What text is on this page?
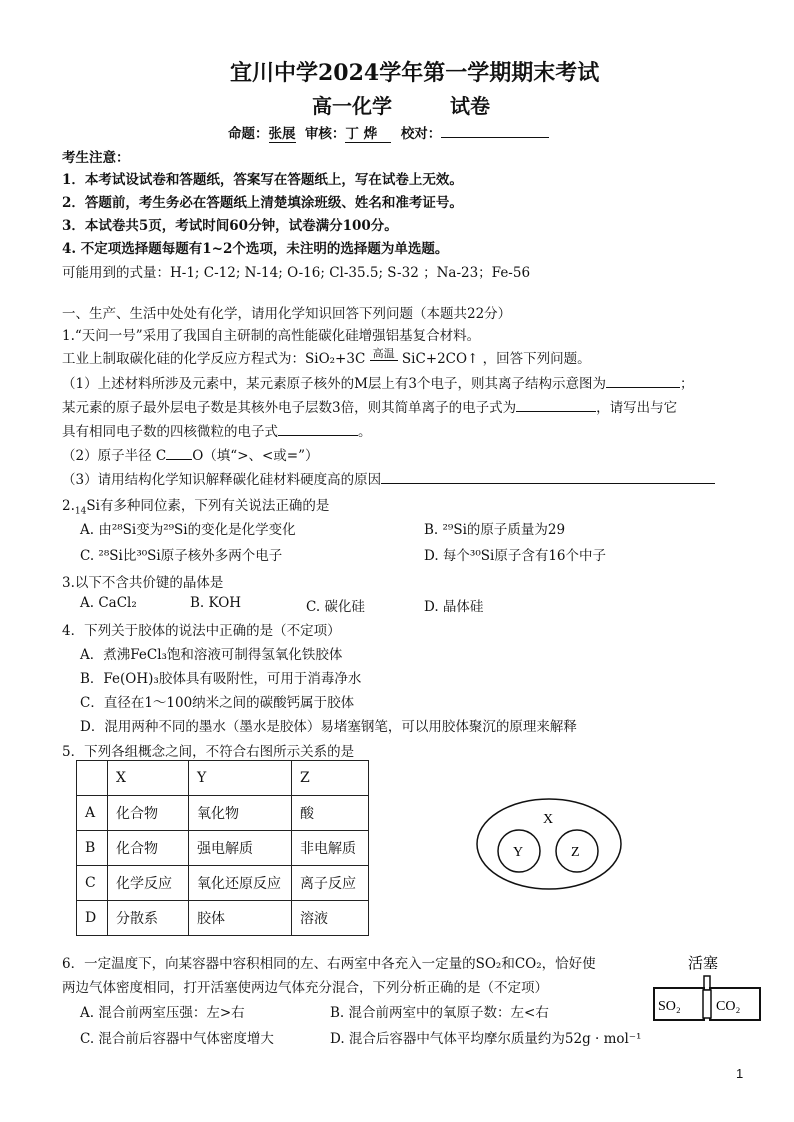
宜川中学2024学年第一学期期末考试
高一化学	试卷
命题：张展 审核：丁 烨 校对：
考生注意：
1．本考试设试卷和答题纸，答案写在答题纸上，写在试卷上无效。
2．答题前，考生务必在答题纸上清楚填涂班级、姓名和准考证号。
3．本试卷共5页，考试时间60分钟，试卷满分100分。
4. 不定项选择题每题有1~2个选项，未注明的选择题为单选题。
可能用到的式量：H-1; C-12; N-14; O-16; Cl-35.5; S-32 ；Na-23；Fe-56
一、生产、生活中处处有化学，请用化学知识回答下列问题（本题共22分）
1.“天问一号”采用了我国自主研制的高性能碳化硅增强铝基复合材料。
工业上制取碳化硅的化学反应方程式为：SiO₂+3C 高温 SiC+2CO↑ ，回答下列问题。
（1）上述材料所涉及元素中，某元素原子核外的M层上有3个电子，则其离子结构示意图为	；
某元素的原子最外层电子数是其核外电子层数3倍，则其简单离子的电子式为	，请写出与它
具有相同电子数的四核微粒的电子式	。
（2）原子半径 C O（填“>、<或=”）
（3）请用结构化学知识解释碳化硅材料硬度高的原因
$2._{14}Si$有多种同位素，下列有关说法正确的是
A. 由²⁸Si变为²⁹Si的变化是化学变化	B. ²⁹Si的原子质量为29
C. ²⁸Si比³⁰Si原子核外多两个电子	D. 每个³⁰Si原子含有16个中子
3.以下不含共价键的晶体是
A. CaCl₂	B. KOH	C. 碳化硅	D. 晶体硅
4．下列关于胶体的说法中正确的是（不定项）
A．煮沸FeCl₃饱和溶液可制得氢氧化铁胶体
B．Fe(OH)₃胶体具有吸附性，可用于消毒净水
C．直径在1～100纳米之间的碳酸钙属于胶体
D．混用两种不同的墨水（墨水是胶体）易堵塞钢笔，可以用胶体聚沉的原理来解释
5．下列各组概念之间，不符合右图所示关系的是
	X	Y	Z
A	化合物	氧化物	酸
B	化合物	强电解质	非电解质
C	化学反应	氧化还原反应	离子反应
D	分散系	胶体	溶液
X
Y	Z
6．一定温度下，向某容器中容积相同的左、右两室中各充入一定量的SO₂和CO₂，恰好使
两边气体密度相同，打开活塞使两边气体充分混合，下列分析正确的是（不定项）
A. 混合前两室压强：左>右	B. 混合前两室中的氧原子数：左<右
C. 混合前后容器中气体密度增大	D. 混合后容器中气体平均摩尔质量约为52g · mol⁻¹
活塞
SO₂	CO₂
1
